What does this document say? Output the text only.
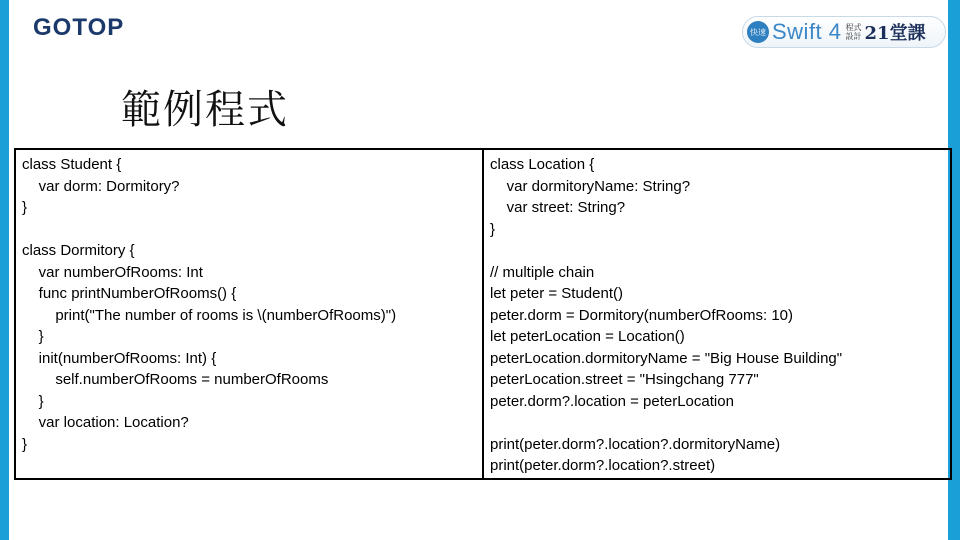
GOTOP	快速 Swift 4 程式
設計 21堂課
範例程式
class Student {
var dorm: Dormitory?
}
class Dormitory {
var numberOfRooms: Int
func printNumberOfRooms() {
print("The number of rooms is \(numberOfRooms)")
}
init(numberOfRooms: Int) {
self.numberOfRooms = numberOfRooms
}
var location: Location?
}
class Location {
var dormitoryName: String?
var street: String?
}
// multiple chain
let peter = Student()
peter.dorm = Dormitory(numberOfRooms: 10)
let peterLocation = Location()
peterLocation.dormitoryName = "Big House Building"
peterLocation.street = "Hsingchang 777"
peter.dorm?.location = peterLocation
print(peter.dorm?.location?.dormitoryName)
print(peter.dorm?.location?.street)
